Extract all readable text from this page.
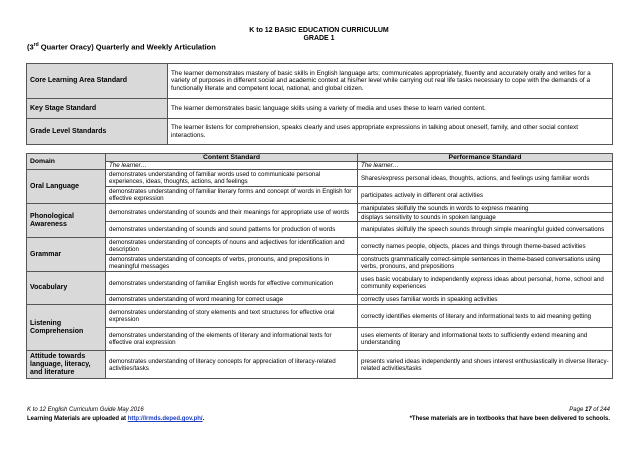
K to 12 BASIC EDUCATION CURRICULUM
GRADE 1
(3rd Quarter Oracy) Quarterly and Weekly Articulation
Core Learning Area Standard	The learner demonstrates mastery of basic skills in English language arts; communicates appropriately, fluently and accurately orally and writes for a variety of purposes in different social and academic context at his/her level while carrying out real life tasks necessary to cope with the demands of a functionally literate and competent local, national, and global citizen.
Key Stage Standard	The learner demonstrates basic language skills using a variety of media and uses these to learn varied content.
Grade Level Standards	The learner listens for comprehension, speaks clearly and uses appropriate expressions in talking about oneself, family, and other social context interactions.
Domain	Content Standard	Performance Standard
	The learner…	The learner…
Oral Language	demonstrates understanding of familiar words used to communicate personal experiences, ideas, thoughts, actions, and feelings	Shares/express personal ideas, thoughts, actions, and feelings using familiar words
	demonstrates understanding of familiar literary forms and concept of words in English for effective expression	participates actively in different oral activities
Phonological Awareness	demonstrates understanding of sounds and their meanings for appropriate use of words	manipulates skilfully the sounds in words to express meaning
		displays sensitivity to sounds in spoken language
	demonstrates understanding of sounds and sound patterns for production of words	manipulates skilfully the speech sounds through simple meaningful guided conversations
Grammar	demonstrates understanding of concepts of nouns and adjectives for identification and description	correctly names people, objects, places and things through theme-based activities
	demonstrates understanding of concepts of verbs, pronouns, and prepositions in meaningful messages	constructs grammatically correct-simple sentences in theme-based conversations using verbs, pronouns, and prepositions
Vocabulary	demonstrates understanding of familiar English words for effective communication	uses basic vocabulary to independently express ideas about personal, home, school and community experiences
	demonstrates understanding of word meaning for correct usage	correctly uses familiar words in speaking activities
Listening Comprehension	demonstrates understanding of story elements and text structures for effective oral expression	correctly identifies elements of literary and informational texts to aid meaning getting
	demonstrates understanding of the elements of literary and informational texts for effective oral expression	uses elements of literary and informational texts to sufficiently extend meaning and understanding
Attitude towards language, literacy, and literature	demonstrates understanding of literacy concepts for appreciation of literacy-related activities/tasks	presents varied ideas independently and shows interest enthusiastically in diverse literacy-related activities/tasks
K to 12 English Curriculum Guide May 2016
Learning Materials are uploaded at http://lrmds.deped.gov.ph/.
Page 17 of 244
*These materials are in textbooks that have been delivered to schools.
